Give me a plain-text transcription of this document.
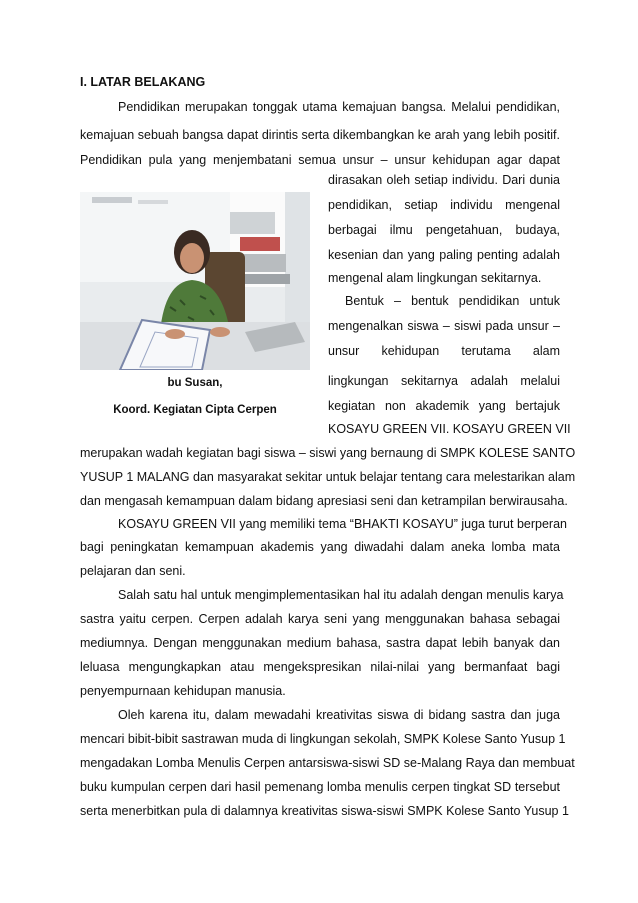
I. LATAR BELAKANG
Pendidikan merupakan tonggak utama kemajuan bangsa. Melalui pendidikan,
kemajuan sebuah bangsa dapat dirintis serta dikembangkan ke arah yang lebih positif.
Pendidikan pula yang menjembatani semua unsur – unsur kehidupan agar dapat
bu Susan,
Koord. Kegiatan Cipta Cerpen
dirasakan oleh setiap individu. Dari dunia
pendidikan, setiap individu mengenal
berbagai ilmu pengetahuan, budaya,
kesenian dan yang paling penting adalah
mengenal alam lingkungan sekitarnya.
Bentuk – bentuk pendidikan untuk
mengenalkan siswa – siswi pada unsur –
unsur kehidupan terutama alam
lingkungan sekitarnya adalah melalui
kegiatan non akademik yang bertajuk
KOSAYU GREEN VII. KOSAYU GREEN VII
merupakan wadah kegiatan bagi siswa – siswi yang bernaung di SMPK KOLESE SANTO
YUSUP 1 MALANG dan masyarakat sekitar untuk belajar tentang cara melestarikan alam
dan mengasah kemampuan dalam bidang apresiasi seni dan ketrampilan berwirausaha.
KOSAYU GREEN VII yang memiliki tema “BHAKTI KOSAYU” juga turut berperan
bagi peningkatan kemampuan akademis yang diwadahi dalam aneka lomba mata
pelajaran dan seni.
Salah satu hal untuk mengimplementasikan hal itu adalah dengan menulis karya
sastra yaitu cerpen. Cerpen adalah karya seni yang menggunakan bahasa sebagai
mediumnya. Dengan menggunakan medium bahasa, sastra dapat lebih banyak dan
leluasa mengungkapkan atau mengekspresikan nilai-nilai yang bermanfaat bagi
penyempurnaan kehidupan manusia.
Oleh karena itu, dalam mewadahi kreativitas siswa di bidang sastra dan juga
mencari bibit-bibit sastrawan muda di lingkungan sekolah, SMPK Kolese Santo Yusup 1
mengadakan Lomba Menulis Cerpen antarsiswa-siswi SD se-Malang Raya dan membuat
buku kumpulan cerpen dari hasil pemenang lomba menulis cerpen tingkat SD tersebut
serta menerbitkan pula di dalamnya kreativitas siswa-siswi SMPK Kolese Santo Yusup 1
